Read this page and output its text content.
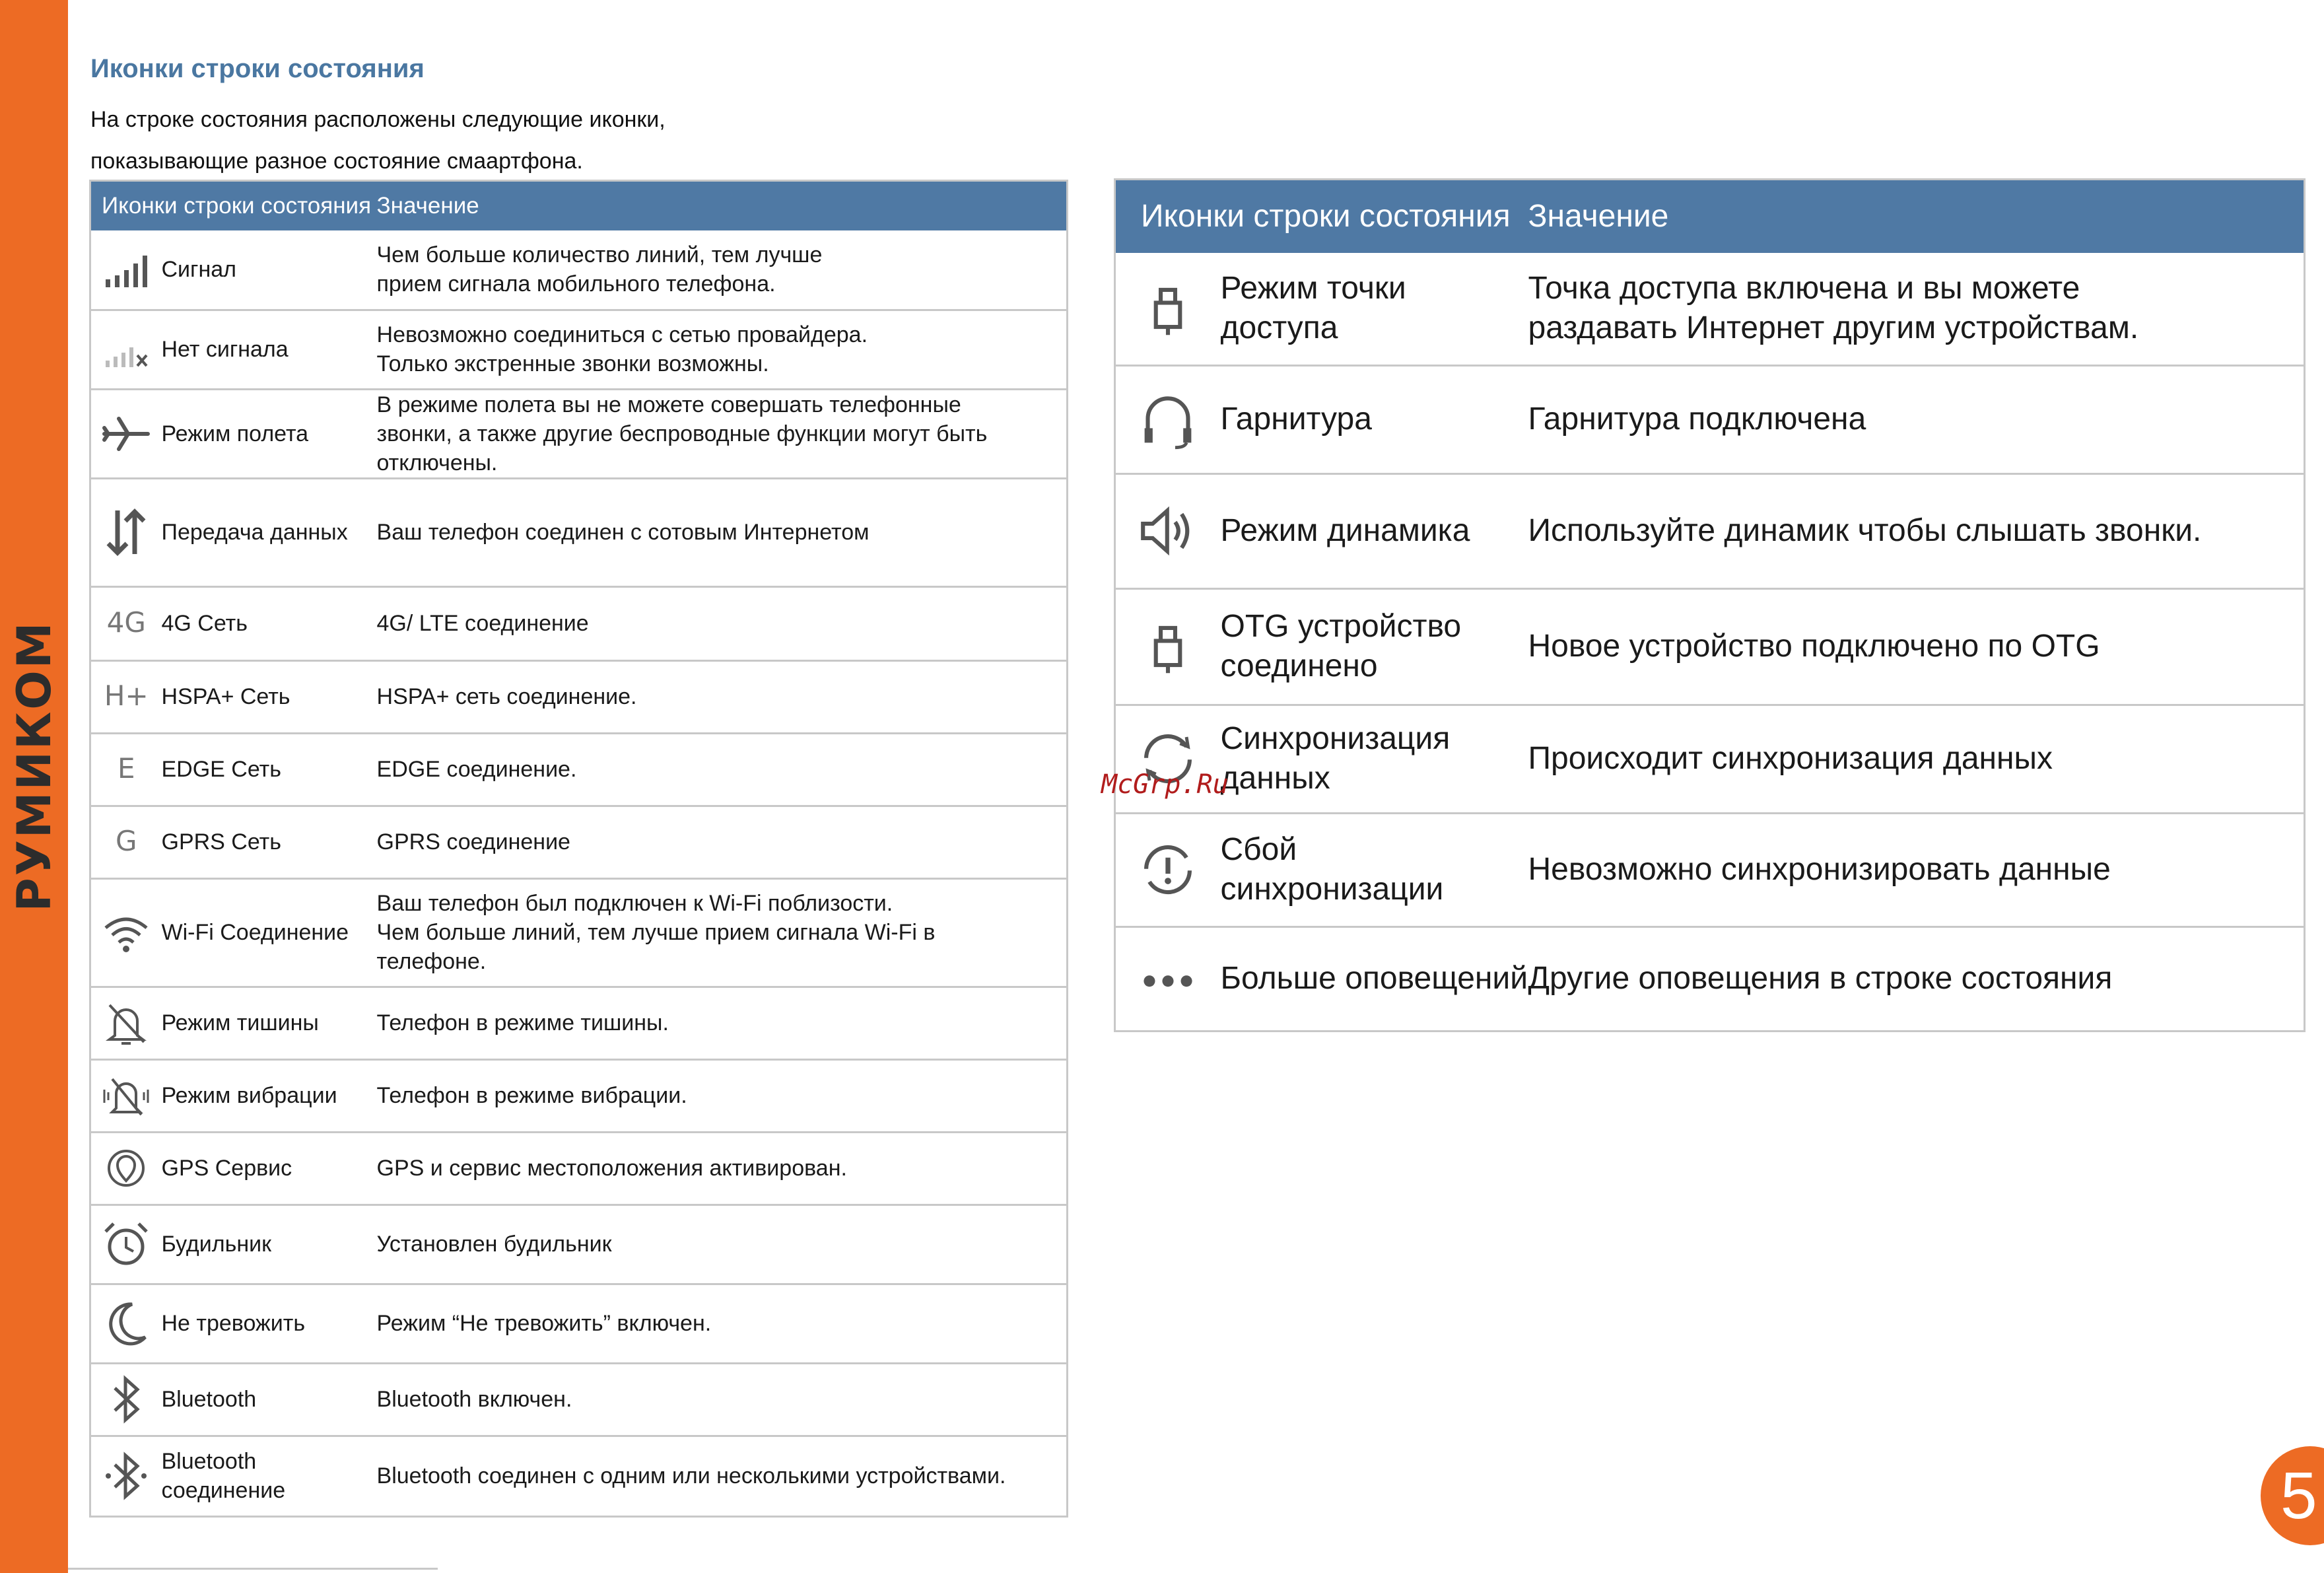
РУМИКОМ
Иконки строки состояния
На строке состояния расположены следующие иконки,
показывающие разное состояние смаартфона.
Иконки строки состояния		Значение
	Сигнал	Чем больше количество линий, тем лучше
прием сигнала мобильного телефона.

	Нет сигнала	Невозможно соединиться с сетью провайдера.
Только экстренные звонки возможны.

	Режим полета	В режиме полета вы не можете совершать телефонные
звонки, а также другие беспроводные функции могут быть
отключены.

	Передача данных	Ваш телефон соединен с сотовым Интернетом

4G	4G Сеть	4G/ LTE соединение

H+	HSPA+ Сеть	HSPA+ сеть соединение.

E	EDGE Сеть	EDGE соединение.

G	GPRS Сеть	GPRS соединение

	Wi-Fi Соединение	Ваш телефон был подключен к Wi-Fi поблизости.
Чем больше линий, тем лучше прием сигнала Wi-Fi в
телефоне.

	Режим тишины	Телефон в режиме тишины.

	Режим вибрации	Телефон в режиме вибрации.

	GPS Сервис	GPS и сервис местоположения активирован.

	Будильник	Установлен будильник

	Не тревожить	Режим “Не тревожить” включен.

	Bluetooth	Bluetooth включен.

	Bluetooth соединение	Bluetooth соединен с одним или несколькими устройствами.
Иконки строки состояния		Значение
	Режим точки доступа	Точка доступа включена и вы можете
раздавать Интернет другим устройствам.

	Гарнитура	Гарнитура подключена

	Режим динамика	Используйте динамик чтобы слышать звонки.

	OTG устройство соединено	Новое устройство подключено по OTG

	Синхронизация данных	Происходит синхронизация данных

	Сбой синхронизации	Невозможно синхронизировать данные

	Больше оповещений	Другие оповещения в строке состояния
McGrp.Ru
5
